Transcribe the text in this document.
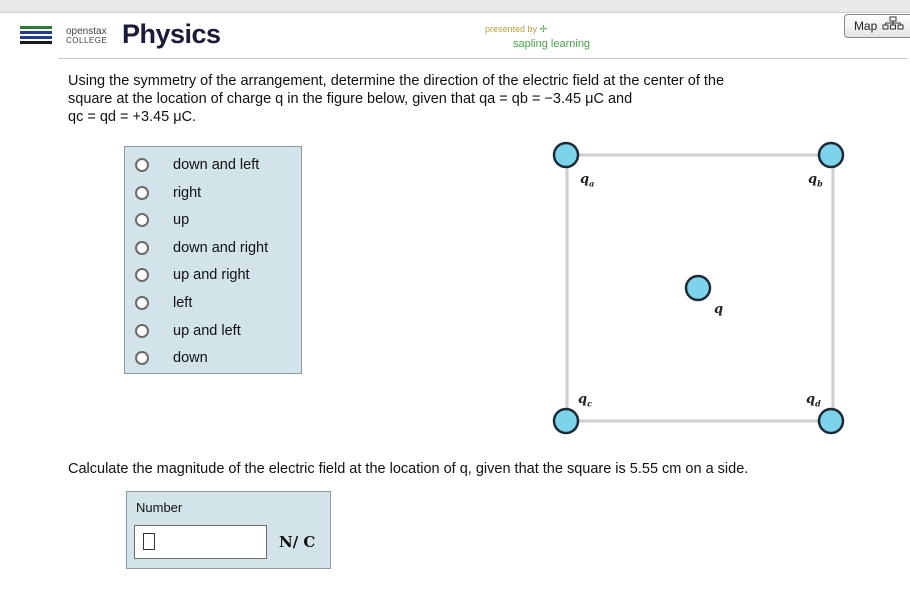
openstax
COLLEGE Physics	presented by ✢
sapling learning
Map
Using the symmetry of the arrangement, determine the direction of the electric field at the center of the
square at the location of charge q in the figure below, given that qa = qb = −3.45 μC and
qc = qd = +3.45 μC.
down and left
right
up
down and right
up and right
left
up and left
down
$q_a$	$q_b$
q
$q_c$	$q_d$
Calculate the magnitude of the electric field at the location of q, given that the square is 5.55 cm on a side.
Number
N/ C
